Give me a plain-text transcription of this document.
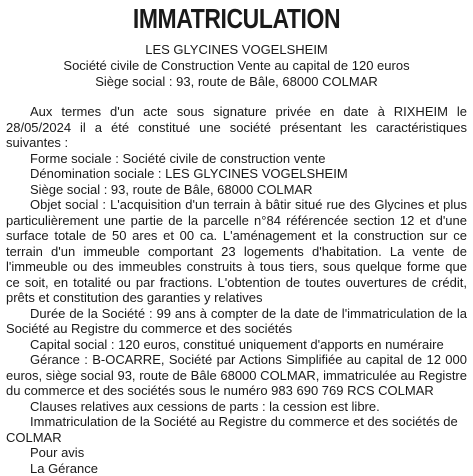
IMMATRICULATION
LES GLYCINES VOGELSHEIM
Société civile de Construction Vente au capital de 120 euros
Siège social : 93, route de Bâle, 68000 COLMAR

Aux termes d'un acte sous signature privée en date à RIXHEIM le 28/05/2024 il a été constitué une société présentant les caractéristiques suivantes :

Forme sociale : Société civile de construction vente

Dénomination sociale : LES GLYCINES VOGELSHEIM

Siège social : 93, route de Bâle, 68000 COLMAR

Objet social : L'acquisition d'un terrain à bâtir situé rue des Glycines et plus particulièrement une partie de la parcelle n°84 référencée section 12 et d'une surface totale de 50 ares et 00 ca. L'aménagement et la construction sur ce terrain d'un immeuble comportant 23 logements d'habitation. La vente de l'immeuble ou des immeubles construits à tous tiers, sous quelque forme que ce soit, en totalité ou par fractions. L'obtention de toutes ouvertures de crédit, prêts et constitution des garanties y relatives

Durée de la Société : 99 ans à compter de la date de l'immatriculation de la Société au Registre du commerce et des sociétés

Capital social : 120 euros, constitué uniquement d'apports en numéraire

Gérance : B-OCARRE, Société par Actions Simplifiée au capital de 12 000 euros, siège social 93, route de Bâle 68000 COLMAR, immatriculée au Registre du commerce et des sociétés sous le numéro 983 690 769 RCS COLMAR

Clauses relatives aux cessions de parts : la cession est libre.

Immatriculation de la Société au Registre du commerce et des sociétés de COLMAR

Pour avis

La Gérance
